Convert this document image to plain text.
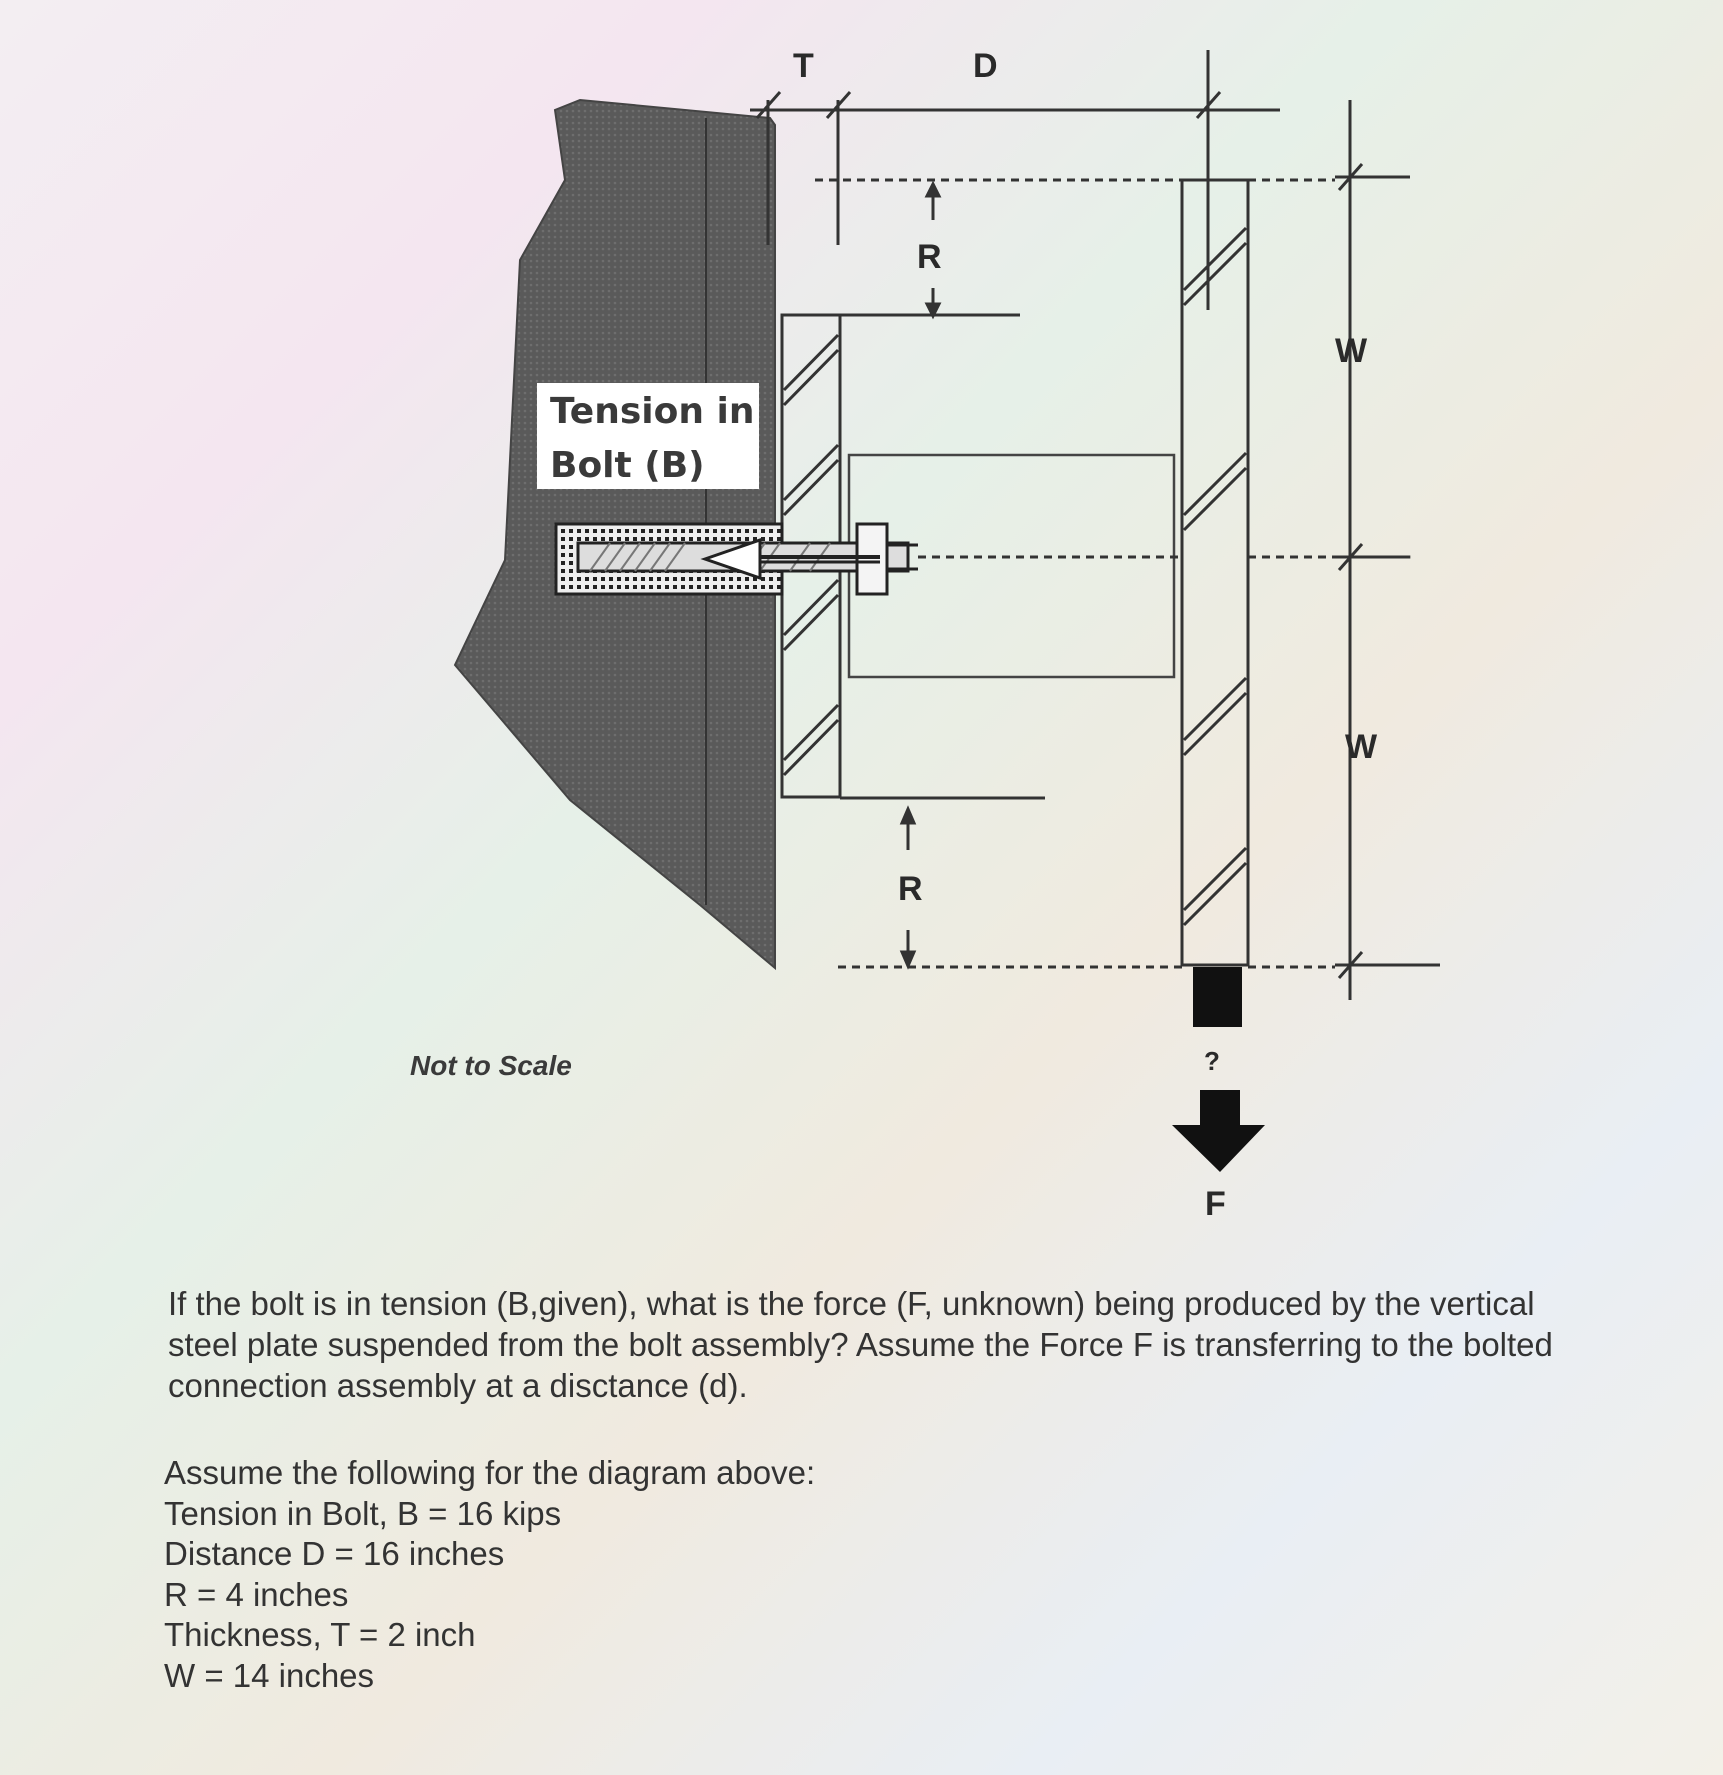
Tension in
Bolt (B)
T	D
R
R
W
W
?
F
Not to Scale
If the bolt is in tension (B,given), what is the force (F, unknown) being produced by the vertical
steel plate suspended from the bolt assembly? Assume the Force F is transferring to the bolted
connection assembly at a disctance (d).
Assume the following for the diagram above:
Tension in Bolt, B = 16 kips
Distance D = 16 inches
R = 4 inches
Thickness, T = 2 inch
W = 14 inches
